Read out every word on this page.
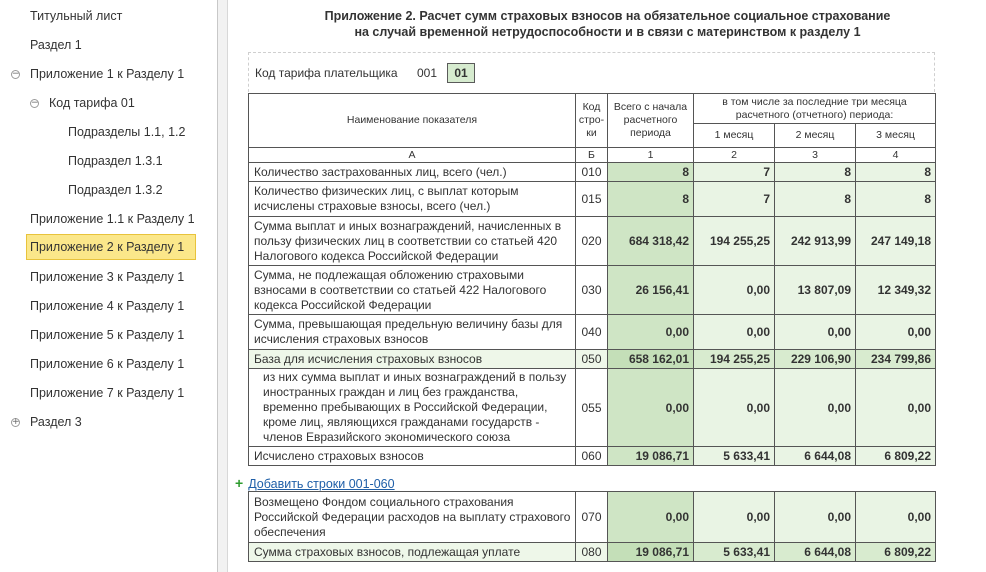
Титульный лист
Раздел 1
− Приложение 1 к Разделу 1
− Код тарифа 01
Подразделы 1.1, 1.2
Подраздел 1.3.1
Подраздел 1.3.2
Приложение 1.1 к Разделу 1
Приложение 2 к Разделу 1
Приложение 3 к Разделу 1
Приложение 4 к Разделу 1
Приложение 5 к Разделу 1
Приложение 6 к Разделу 1
Приложение 7 к Разделу 1
+ Раздел 3
Приложение 2. Расчет сумм страховых взносов на обязательное социальное страхование
на случай временной нетрудоспособности и в связи с материнством к разделу 1
Код тарифа плательщика 001	01
Наименование показателя	Код стро-ки	Всего с начала расчетного периода	в том числе за последние три месяца расчетного (отчетного) периода:		
			1 месяц	2 месяц	3 месяц
А	Б	1	2	3	4
Количество застрахованных лиц, всего (чел.)	010	8	7	8	8
Количество физических лиц, с выплат которым исчислены страховые взносы, всего (чел.)	015	8	7	8	8
Сумма выплат и иных вознаграждений, начисленных в пользу физических лиц в соответствии со статьей 420 Налогового кодекса Российской Федерации	020	684 318,42	194 255,25	242 913,99	247 149,18
Сумма, не подлежащая обложению страховыми взносами в соответствии со статьей 422 Налогового кодекса Российской Федерации	030	26 156,41	0,00	13 807,09	12 349,32
Сумма, превышающая предельную величину базы для исчисления страховых взносов	040	0,00	0,00	0,00	0,00
База для исчисления страховых взносов	050	658 162,01	194 255,25	229 106,90	234 799,86
из них сумма выплат и иных вознаграждений в пользу иностранных граждан и лиц без гражданства, временно пребывающих в Российской Федерации, кроме лиц, являющихся гражданами государств - членов Евразийского экономического союза	055	0,00	0,00	0,00	0,00
Исчислено страховых взносов	060	19 086,71	5 633,41	6 644,08	6 809,22
+ Добавить строки 001-060
Возмещено Фондом социального страхования Российской Федерации расходов на выплату страхового обеспечения	070	0,00	0,00	0,00	0,00
Сумма страховых взносов, подлежащая уплате	080	19 086,71	5 633,41	6 644,08	6 809,22
